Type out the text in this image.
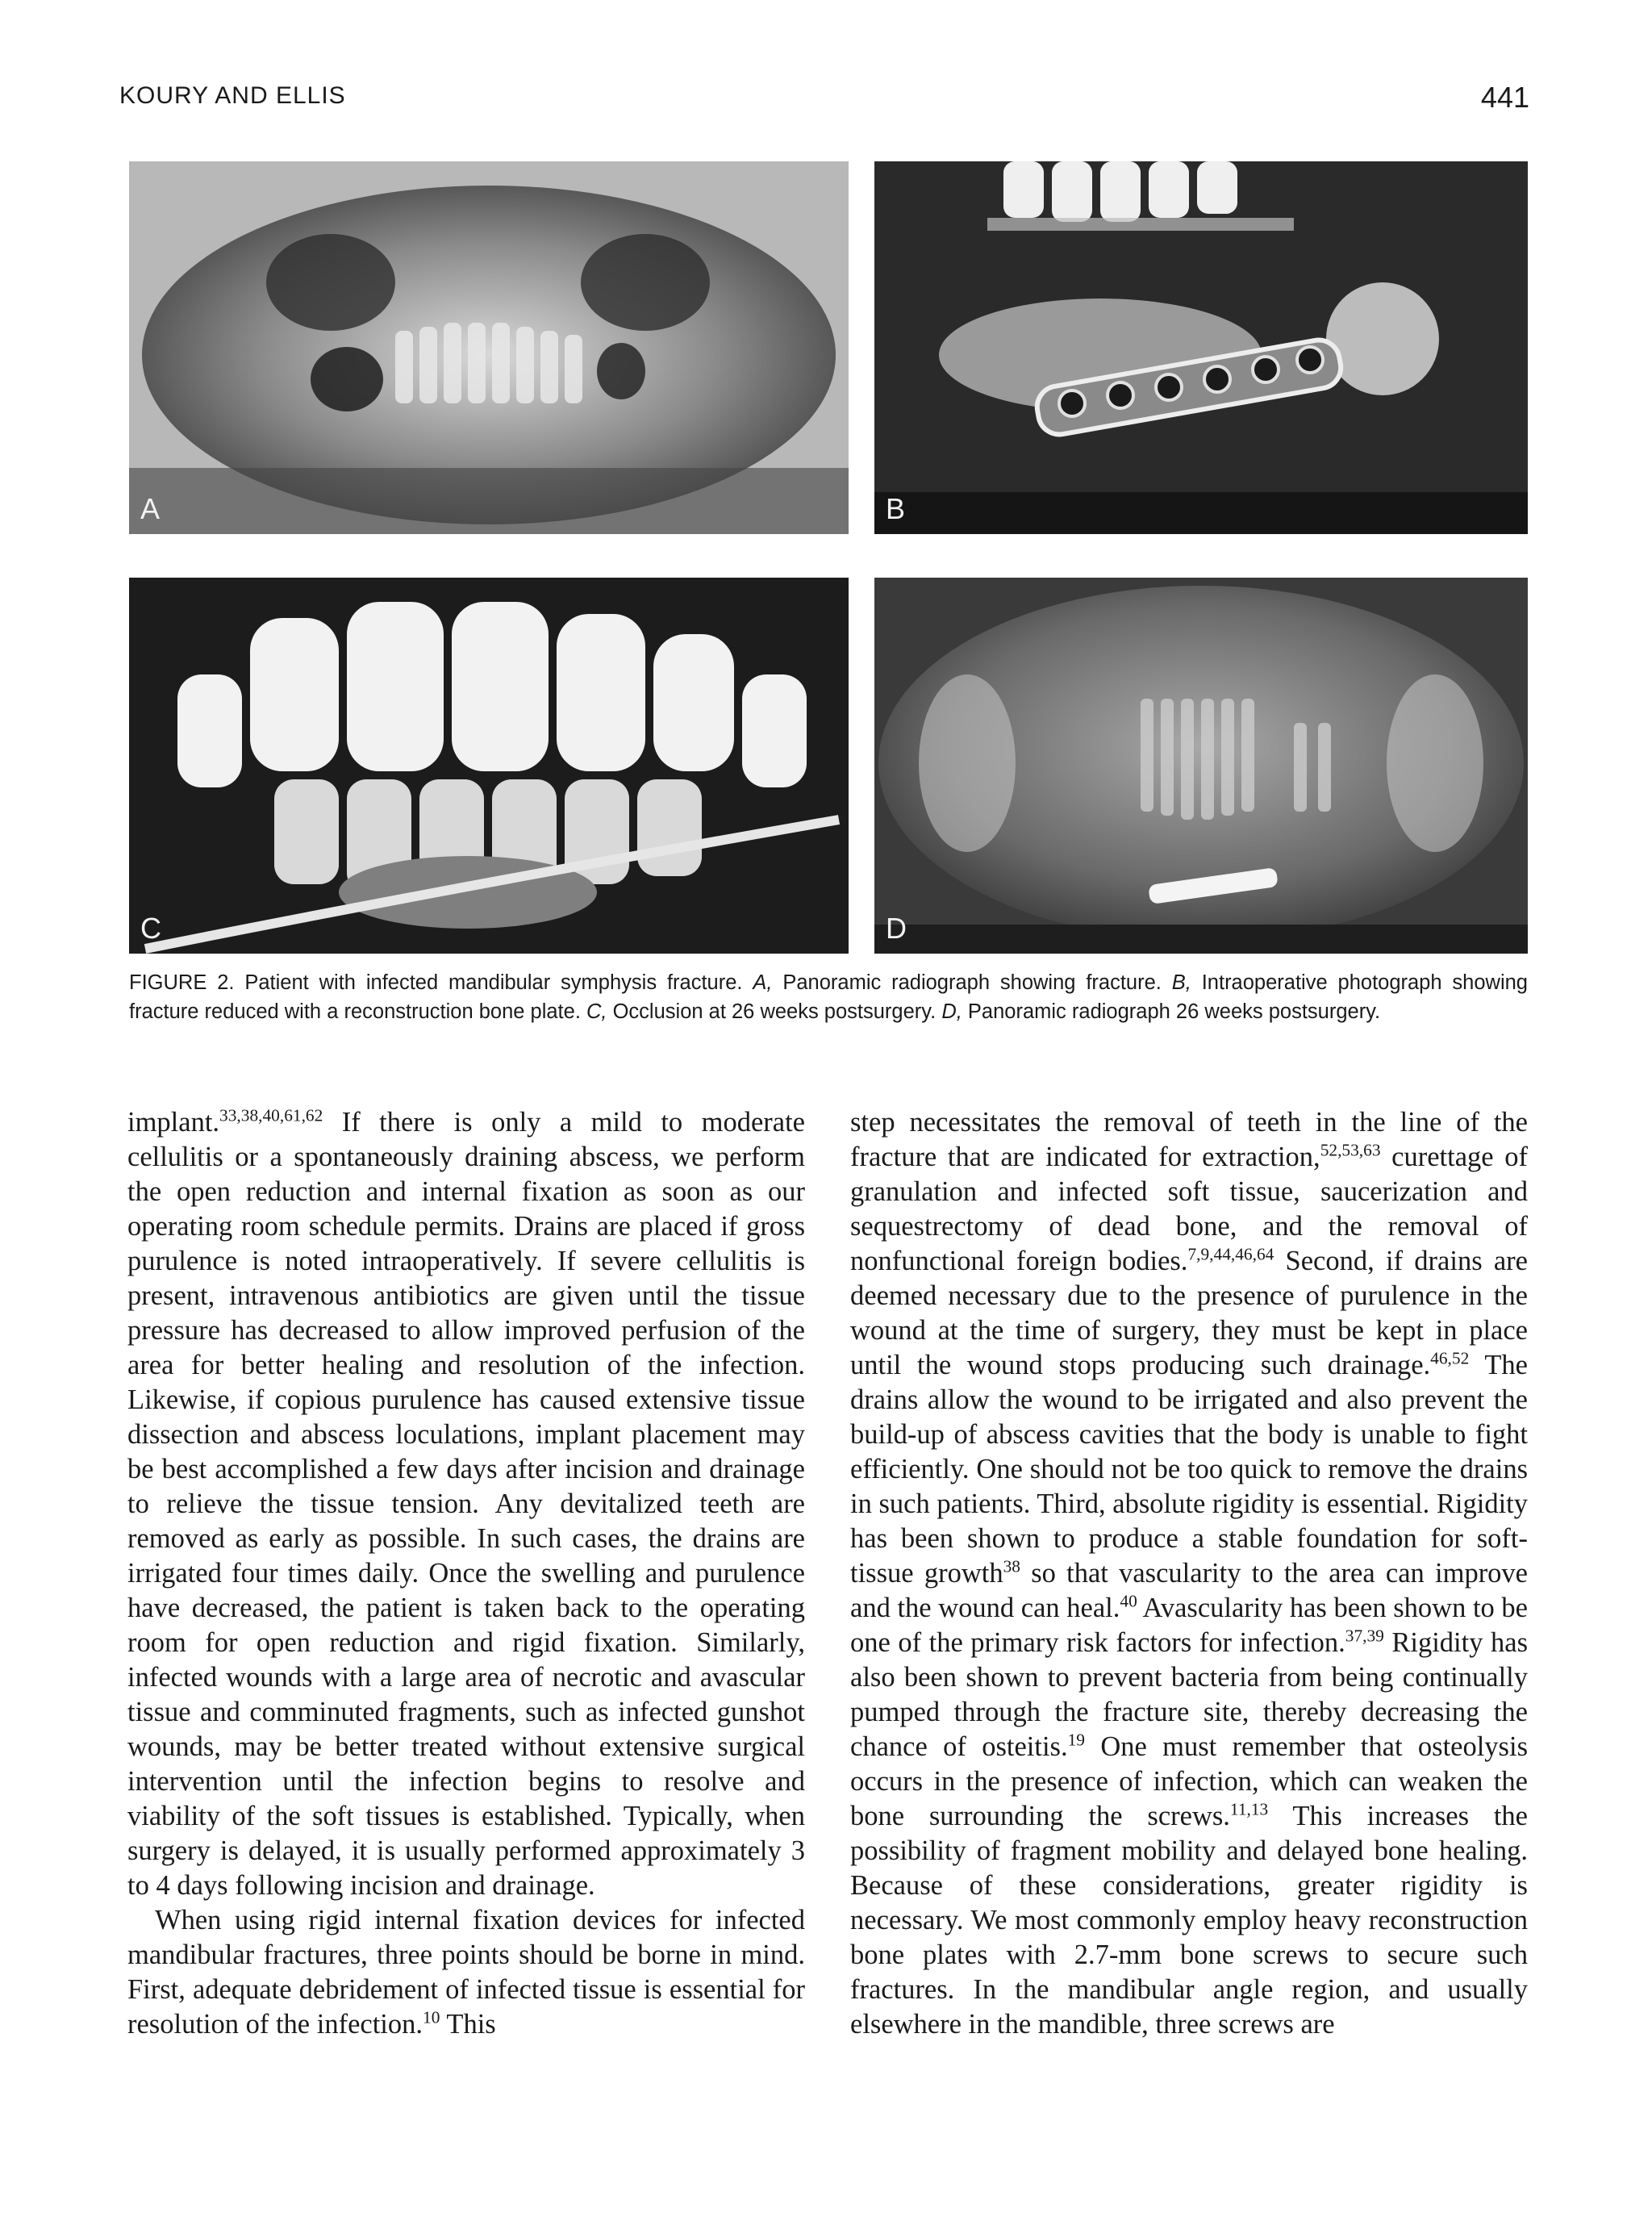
KOURY AND ELLIS	441
A	B
C	D
FIGURE 2. Patient with infected mandibular symphysis fracture. A, Panoramic radiograph showing fracture. B, Intraoperative photograph showing fracture reduced with a reconstruction bone plate. C, Occlusion at 26 weeks postsurgery. D, Panoramic radiograph 26 weeks postsurgery.

implant.$^{33,38,40,61,62}$ If there is only a mild to moderate cellulitis or a spontaneously draining abscess, we perform the open reduction and internal fixation as soon as our operating room schedule permits. Drains are placed if gross purulence is noted intraoperatively. If severe cellulitis is present, intravenous antibiotics are given until the tissue pressure has decreased to allow improved perfusion of the area for better healing and resolution of the infection. Likewise, if copious purulence has caused extensive tissue dissection and abscess loculations, implant placement may be best accomplished a few days after incision and drainage to relieve the tissue tension. Any devitalized teeth are removed as early as possible. In such cases, the drains are irrigated four times daily. Once the swelling and purulence have decreased, the patient is taken back to the operating room for open reduction and rigid fixation. Similarly, infected wounds with a large area of necrotic and avascular tissue and comminuted fragments, such as infected gunshot wounds, may be better treated without extensive surgical intervention until the infection begins to resolve and viability of the soft tissues is established. Typically, when surgery is delayed, it is usually performed approximately 3 to 4 days following incision and drainage.

When using rigid internal fixation devices for infected mandibular fractures, three points should be borne in mind. First, adequate debridement of infected tissue is essential for resolution of the infection.$^{10}$ This

step necessitates the removal of teeth in the line of the fracture that are indicated for extraction,$^{52,53,63}$ curettage of granulation and infected soft tissue, saucerization and sequestrectomy of dead bone, and the removal of nonfunctional foreign bodies.$^{7,9,44,46,64}$ Second, if drains are deemed necessary due to the presence of purulence in the wound at the time of surgery, they must be kept in place until the wound stops producing such drainage.$^{46,52}$ The drains allow the wound to be irrigated and also prevent the build-up of abscess cavities that the body is unable to fight efficiently. One should not be too quick to remove the drains in such patients. Third, absolute rigidity is essential. Rigidity has been shown to produce a stable foundation for soft-tissue growth$^{38}$ so that vascularity to the area can improve and the wound can heal.$^{40}$ Avascularity has been shown to be one of the primary risk factors for infection.$^{37,39}$ Rigidity has also been shown to prevent bacteria from being continually pumped through the fracture site, thereby decreasing the chance of osteitis.$^{19}$ One must remember that osteolysis occurs in the presence of infection, which can weaken the bone surrounding the screws.$^{11,13}$ This increases the possibility of fragment mobility and delayed bone healing. Because of these considerations, greater rigidity is necessary. We most commonly employ heavy reconstruction bone plates with 2.7-mm bone screws to secure such fractures. In the mandibular angle region, and usually elsewhere in the mandible, three screws are
